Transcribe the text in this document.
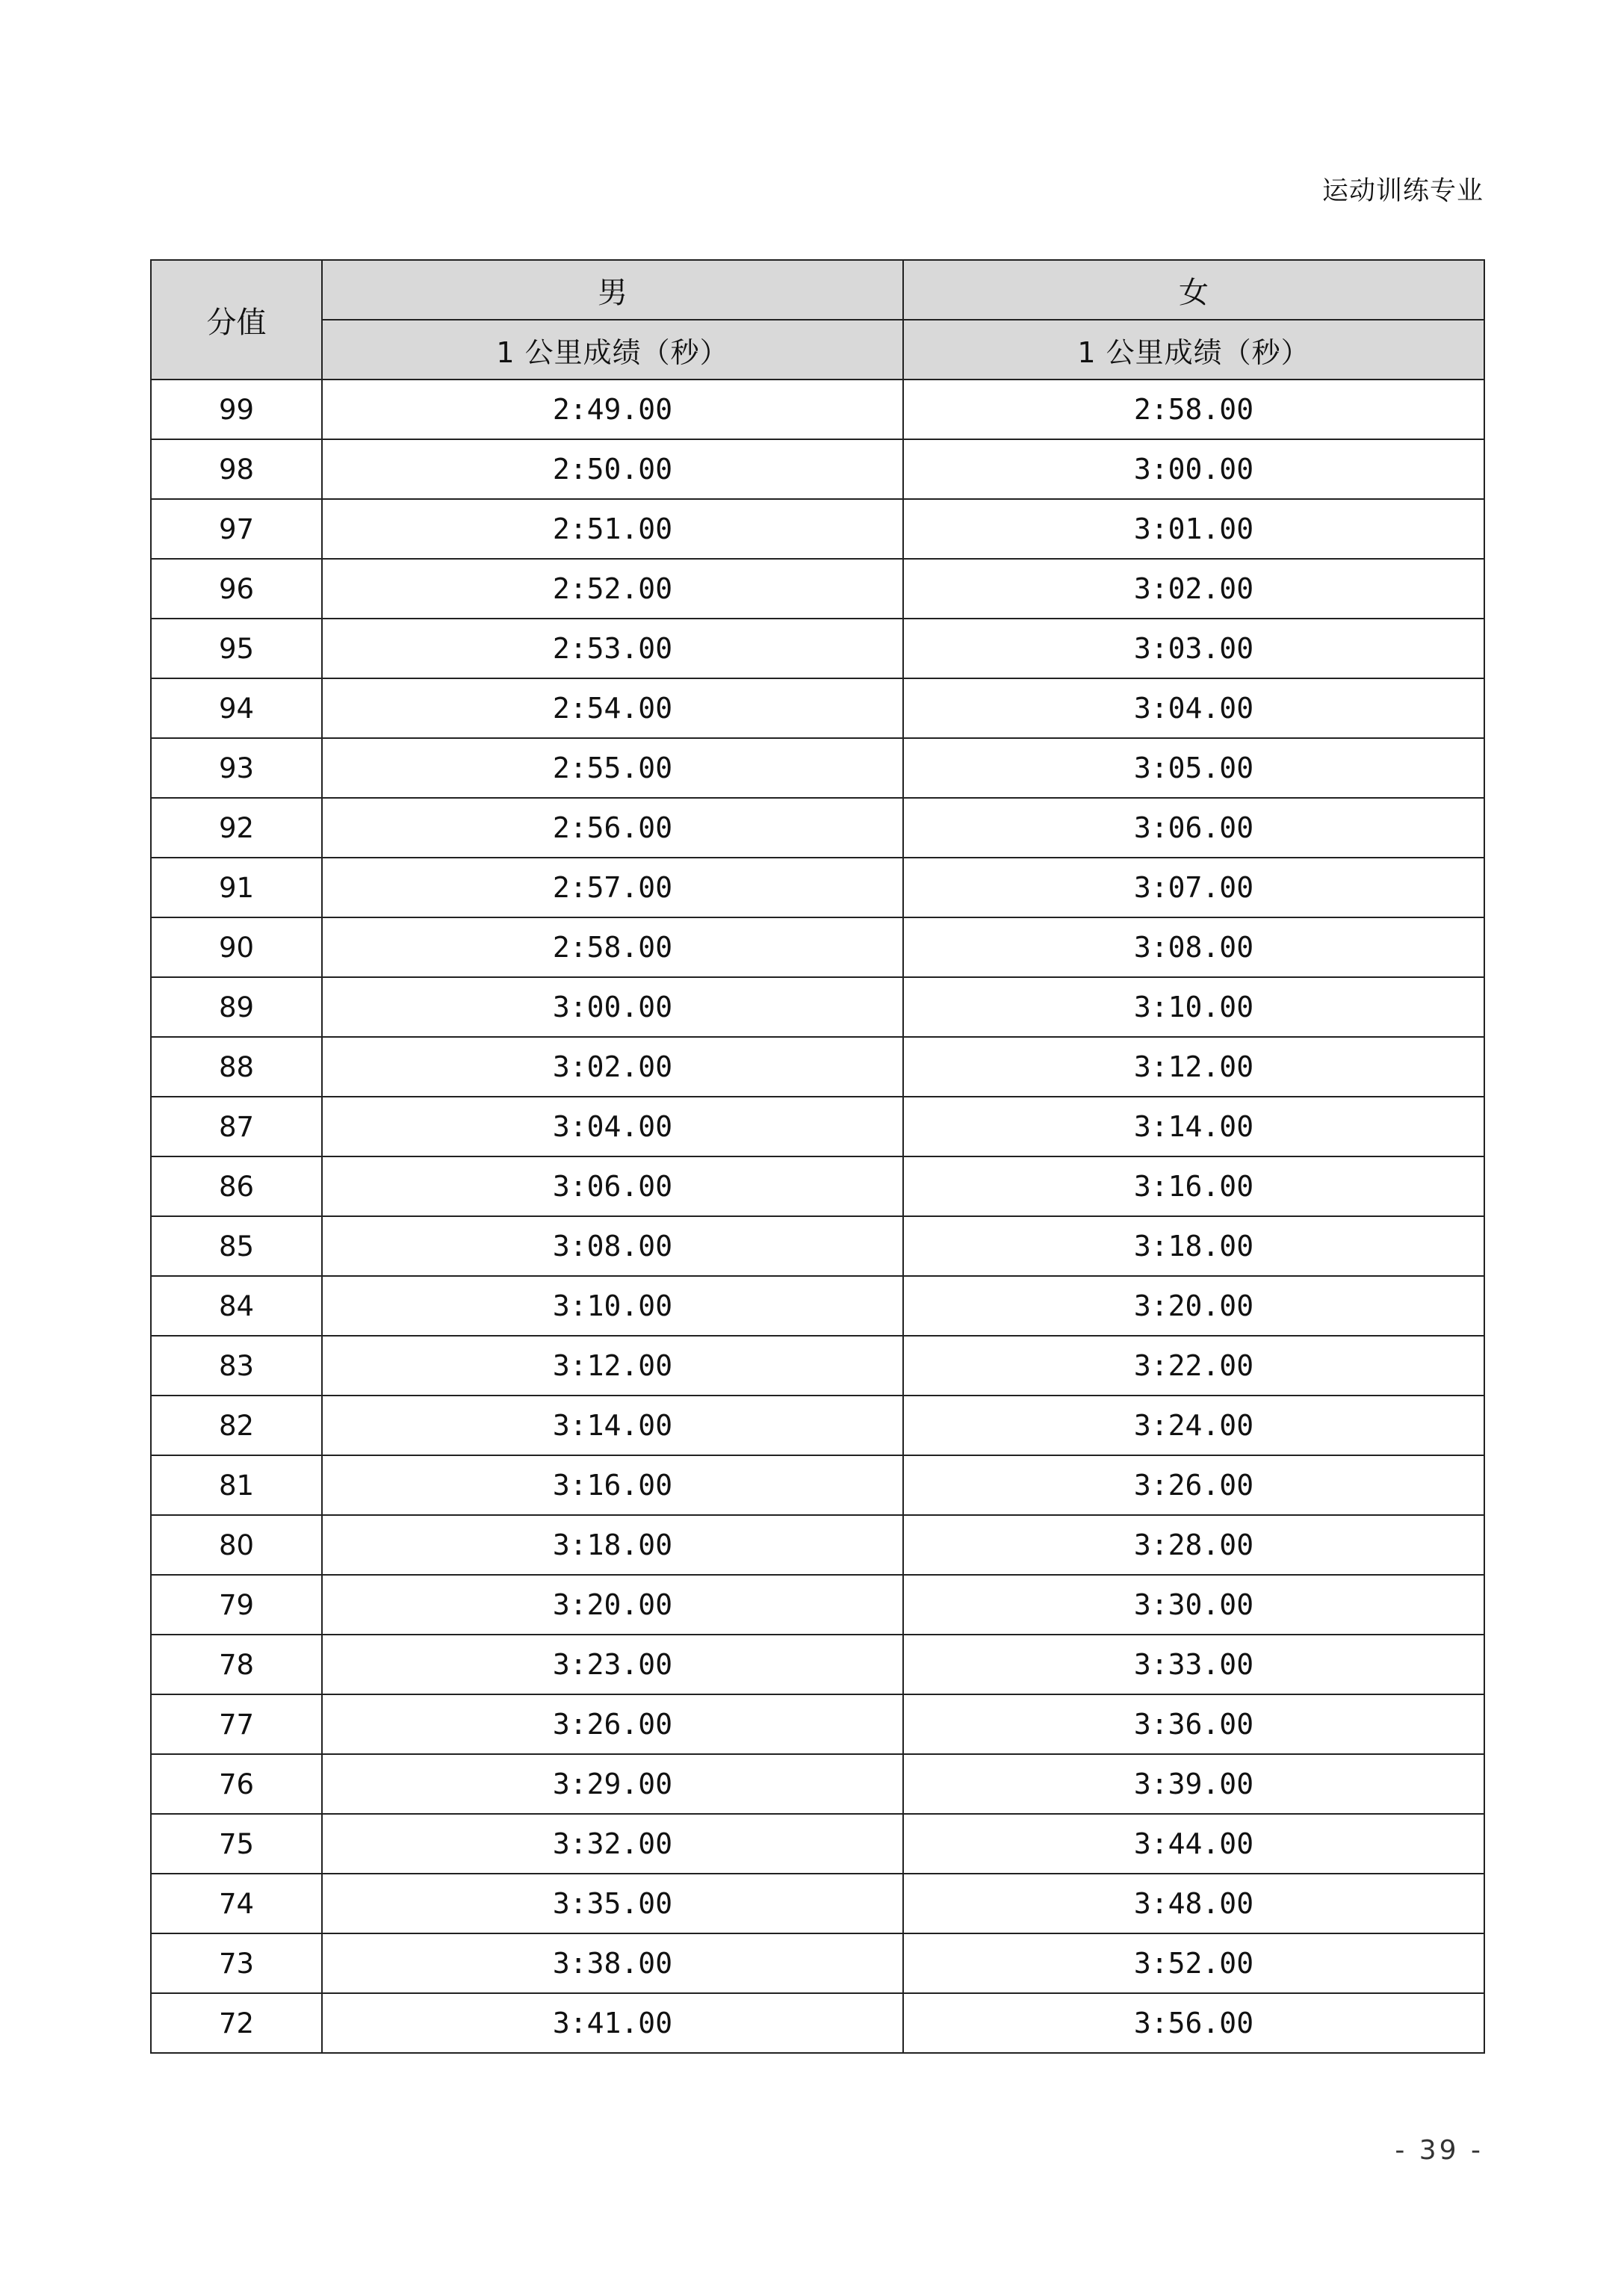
运动训练专业
分值	男	女
	1 公里成绩（秒）	1 公里成绩（秒）
99	2:49.00	2:58.00
98	2:50.00	3:00.00
97	2:51.00	3:01.00
96	2:52.00	3:02.00
95	2:53.00	3:03.00
94	2:54.00	3:04.00
93	2:55.00	3:05.00
92	2:56.00	3:06.00
91	2:57.00	3:07.00
90	2:58.00	3:08.00
89	3:00.00	3:10.00
88	3:02.00	3:12.00
87	3:04.00	3:14.00
86	3:06.00	3:16.00
85	3:08.00	3:18.00
84	3:10.00	3:20.00
83	3:12.00	3:22.00
82	3:14.00	3:24.00
81	3:16.00	3:26.00
80	3:18.00	3:28.00
79	3:20.00	3:30.00
78	3:23.00	3:33.00
77	3:26.00	3:36.00
76	3:29.00	3:39.00
75	3:32.00	3:44.00
74	3:35.00	3:48.00
73	3:38.00	3:52.00
72	3:41.00	3:56.00
- 39 -
